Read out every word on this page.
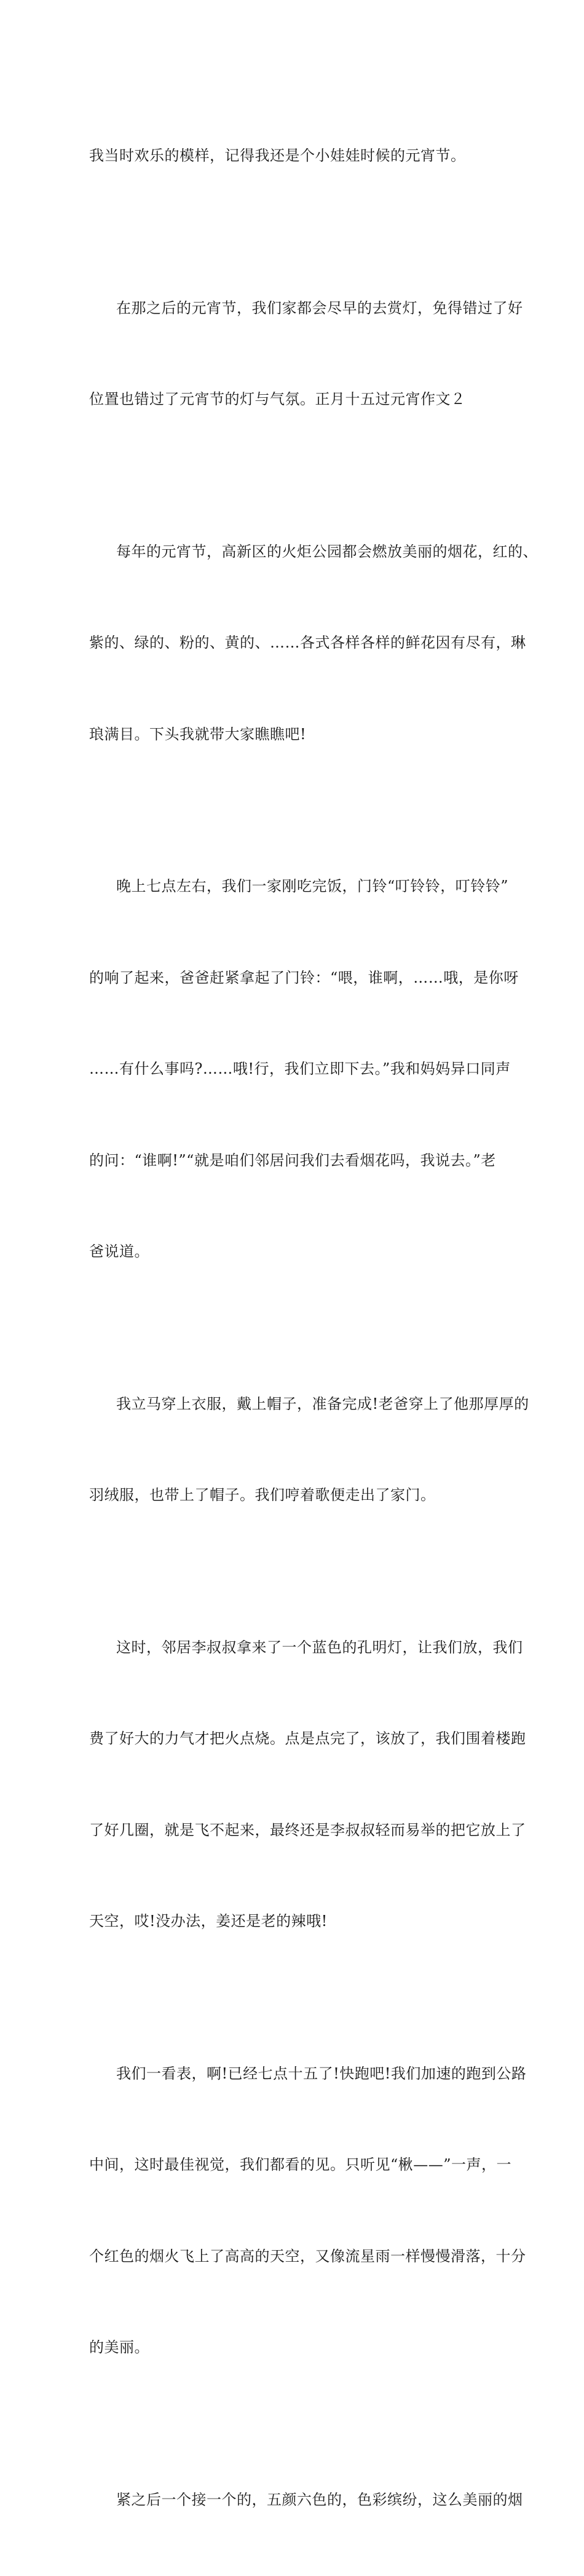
我当时欢乐的模样，记得我还是个小娃娃时候的元宵节。

在那之后的元宵节，我们家都会尽早的去赏灯，免得错过了好

位置也错过了元宵节的灯与气氛。正月十五过元宵作文２

每年的元宵节，高新区的火炬公园都会燃放美丽的烟花，红的、

紫的、绿的、粉的、黄的、……各式各样各样的鲜花因有尽有，琳

琅满目。下头我就带大家瞧瞧吧!

晚上七点左右，我们一家刚吃完饭，门铃“叮铃铃，叮铃铃”

的响了起来，爸爸赶紧拿起了门铃：“喂，谁啊，……哦，是你呀

……有什么事吗?……哦!行，我们立即下去。”我和妈妈异口同声

的问：“谁啊!”“就是咱们邻居问我们去看烟花吗，我说去。”老

爸说道。

我立马穿上衣服，戴上帽子，准备完成!老爸穿上了他那厚厚的

羽绒服，也带上了帽子。我们哼着歌便走出了家门。

这时，邻居李叔叔拿来了一个蓝色的孔明灯，让我们放，我们

费了好大的力气才把火点烧。点是点完了，该放了，我们围着楼跑

了好几圈，就是飞不起来，最终还是李叔叔轻而易举的把它放上了

天空，哎!没办法，姜还是老的辣哦!

我们一看表，啊!已经七点十五了!快跑吧!我们加速的跑到公路

中间，这时最佳视觉，我们都看的见。只听见“楸——”一声，一

个红色的烟火飞上了高高的天空，又像流星雨一样慢慢滑落，十分

的美丽。

紧之后一个接一个的，五颜六色的，色彩缤纷，这么美丽的烟
